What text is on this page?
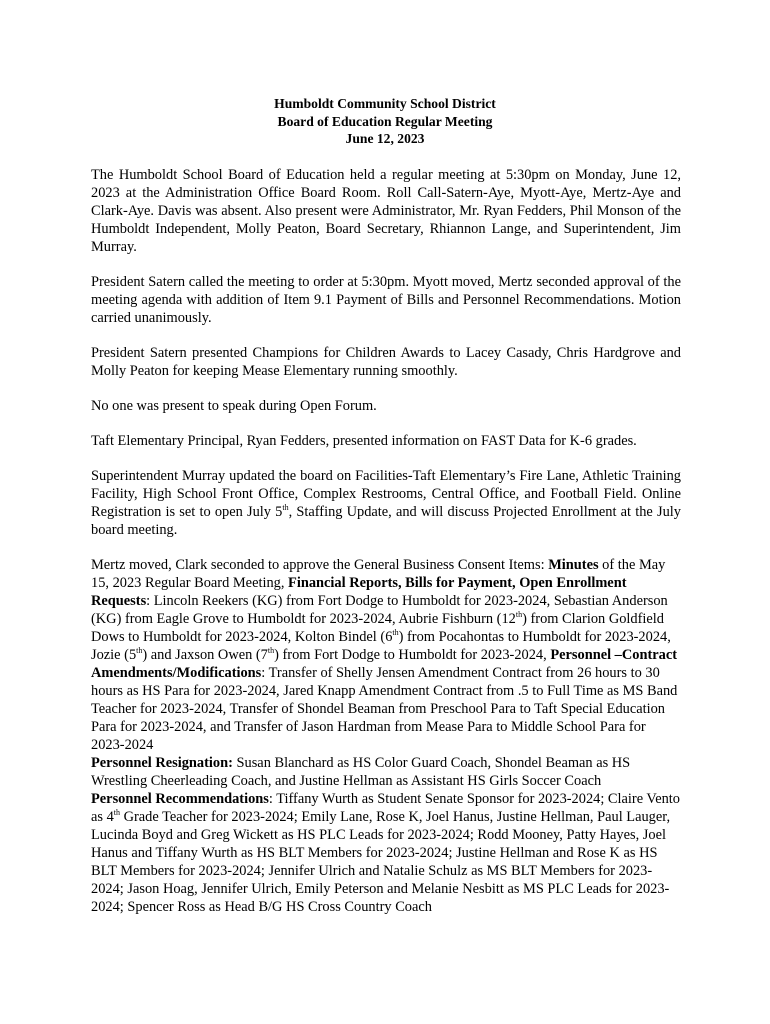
Humboldt Community School District
Board of Education Regular Meeting
June 12, 2023

The Humboldt School Board of Education held a regular meeting at 5:30pm on Monday, June 12, 2023 at the Administration Office Board Room. Roll Call-Satern-Aye, Myott-Aye, Mertz-Aye and Clark-Aye. Davis was absent. Also present were Administrator, Mr. Ryan Fedders, Phil Monson of the Humboldt Independent, Molly Peaton, Board Secretary, Rhiannon Lange, and Superintendent, Jim Murray.

President Satern called the meeting to order at 5:30pm. Myott moved, Mertz seconded approval of the meeting agenda with addition of Item 9.1 Payment of Bills and Personnel Recommendations. Motion carried unanimously.

President Satern presented Champions for Children Awards to Lacey Casady, Chris Hardgrove and Molly Peaton for keeping Mease Elementary running smoothly.

No one was present to speak during Open Forum.

Taft Elementary Principal, Ryan Fedders, presented information on FAST Data for K-6 grades.

Superintendent Murray updated the board on Facilities-Taft Elementary’s Fire Lane, Athletic Training Facility, High School Front Office, Complex Restrooms, Central Office, and Football Field. Online Registration is set to open July 5th, Staffing Update, and will discuss Projected Enrollment at the July board meeting.

Mertz moved, Clark seconded to approve the General Business Consent Items: Minutes of the May 15, 2023 Regular Board Meeting, Financial Reports, Bills for Payment, Open Enrollment Requests: Lincoln Reekers (KG) from Fort Dodge to Humboldt for 2023-2024, Sebastian Anderson (KG) from Eagle Grove to Humboldt for 2023-2024, Aubrie Fishburn (12th) from Clarion Goldfield Dows to Humboldt for 2023-2024, Kolton Bindel (6th) from Pocahontas to Humboldt for 2023-2024, Jozie (5th) and Jaxson Owen (7th) from Fort Dodge to Humboldt for 2023-2024, Personnel –Contract Amendments/Modifications: Transfer of Shelly Jensen Amendment Contract from 26 hours to 30 hours as HS Para for 2023-2024, Jared Knapp Amendment Contract from .5 to Full Time as MS Band Teacher for 2023-2024, Transfer of Shondel Beaman from Preschool Para to Taft Special Education Para for 2023-2024, and Transfer of Jason Hardman from Mease Para to Middle School Para for 2023-2024

Personnel Resignation: Susan Blanchard as HS Color Guard Coach, Shondel Beaman as HS Wrestling Cheerleading Coach, and Justine Hellman as Assistant HS Girls Soccer Coach

Personnel Recommendations: Tiffany Wurth as Student Senate Sponsor for 2023-2024; Claire Vento as 4th Grade Teacher for 2023-2024; Emily Lane, Rose K, Joel Hanus, Justine Hellman, Paul Lauger, Lucinda Boyd and Greg Wickett as HS PLC Leads for 2023-2024; Rodd Mooney, Patty Hayes, Joel Hanus and Tiffany Wurth as HS BLT Members for 2023-2024; Justine Hellman and Rose K as HS BLT Members for 2023-2024; Jennifer Ulrich and Natalie Schulz as MS BLT Members for 2023-2024; Jason Hoag, Jennifer Ulrich, Emily Peterson and Melanie Nesbitt as MS PLC Leads for 2023-2024; Spencer Ross as Head B/G HS Cross Country Coach
